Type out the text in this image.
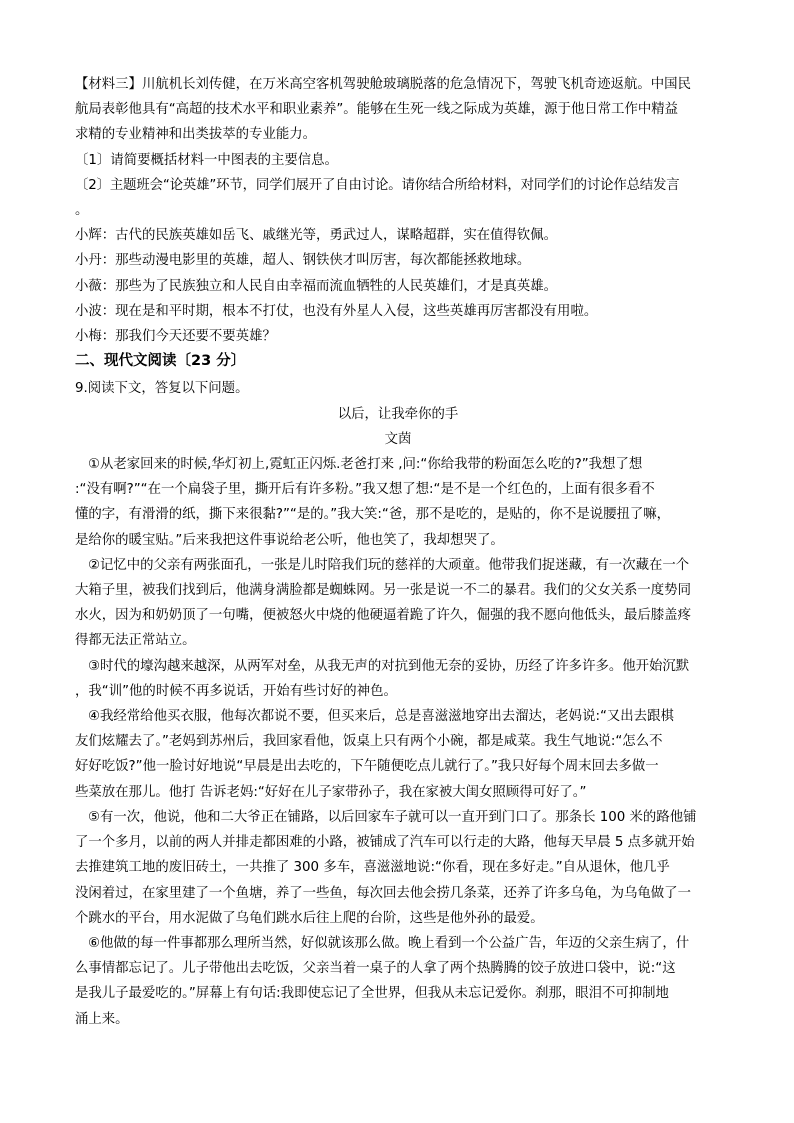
【材料三】川航机长刘传健，在万米高空客机驾驶舱玻璃脱落的危急情况下，驾驶飞机奇迹返航。中国民

航局表彰他具有“高超的技术水平和职业素养”。能够在生死一线之际成为英雄，源于他日常工作中精益

求精的专业精神和出类拔萃的专业能力。

〔1〕请简要概括材料一中图表的主要信息。

〔2〕主题班会“论英雄”环节，同学们展开了自由讨论。请你结合所给材料，对同学们的讨论作总结发言

。

小辉：古代的民族英雄如岳飞、戚继光等，勇武过人，谋略超群，实在值得钦佩。

小丹：那些动漫电影里的英雄，超人、钢铁侠才叫厉害，每次都能拯救地球。

小薇：那些为了民族独立和人民自由幸福而流血牺牲的人民英雄们，才是真英雄。

小波：现在是和平时期，根本不打仗，也没有外星人入侵，这些英雄再厉害都没有用啦。

小梅：那我们今天还要不要英雄？

二、现代文阅读〔23 分〕

9.阅读下文，答复以下问题。

以后，让我牵你的手

文茵

①从老家回来的时候,华灯初上,霓虹正闪烁.老爸打来 ,问:“你给我带的粉面怎么吃的?”我想了想

:“没有啊?”“在一个扁袋子里，撕开后有许多粉。”我又想了想:“是不是一个红色的，上面有很多看不

懂的字，有滑滑的纸，撕下来很黏?”“是的。”我大笑:“爸，那不是吃的，是贴的，你不是说腰扭了嘛，

是给你的暖宝贴。”后来我把这件事说给老公听，他也笑了，我却想哭了。

②记忆中的父亲有两张面孔，一张是儿时陪我们玩的慈祥的大顽童。他带我们捉迷藏，有一次藏在一个

大箱子里，被我们找到后，他满身满脸都是蜘蛛网。另一张是说一不二的暴君。我们的父女关系一度势同

水火，因为和奶奶顶了一句嘴，便被怒火中烧的他硬逼着跪了许久，倔强的我不愿向他低头，最后膝盖疼

得都无法正常站立。

③时代的壕沟越来越深，从两军对垒，从我无声的对抗到他无奈的妥协，历经了许多许多。他开始沉默

，我“训”他的时候不再多说话，开始有些讨好的神色。

④我经常给他买衣服，他每次都说不要，但买来后，总是喜滋滋地穿出去溜达，老妈说:“又出去跟棋

友们炫耀去了。”老妈到苏州后，我回家看他，饭桌上只有两个小碗，都是咸菜。我生气地说:“怎么不

好好吃饭?”他一脸讨好地说“早晨是出去吃的，下午随便吃点儿就行了。”我只好每个周末回去多做一

些菜放在那儿。他打 告诉老妈:“好好在儿子家带孙子，我在家被大闺女照顾得可好了。”

⑤有一次，他说，他和二大爷正在铺路，以后回家车子就可以一直开到门口了。那条长 100 米的路他铺

了一个多月，以前的两人并排走都困难的小路，被铺成了汽车可以行走的大路，他每天早晨 5 点多就开始

去推建筑工地的废旧砖土，一共推了 300 多车，喜滋滋地说:“你看，现在多好走。”自从退休，他几乎

没闲着过，在家里建了一个鱼塘，养了一些鱼，每次回去他会捞几条菜，还养了许多乌龟，为乌龟做了一

个跳水的平台，用水泥做了乌龟们跳水后往上爬的台阶，这些是他外孙的最爱。

⑥他做的每一件事都那么理所当然，好似就该那么做。晚上看到一个公益广告，年迈的父亲生病了，什

么事情都忘记了。儿子带他出去吃饭，父亲当着一桌子的人拿了两个热腾腾的饺子放进口袋中，说:“这

是我儿子最爱吃的。”屏幕上有句话:我即使忘记了全世界，但我从未忘记爱你。刹那，眼泪不可抑制地

涌上来。
